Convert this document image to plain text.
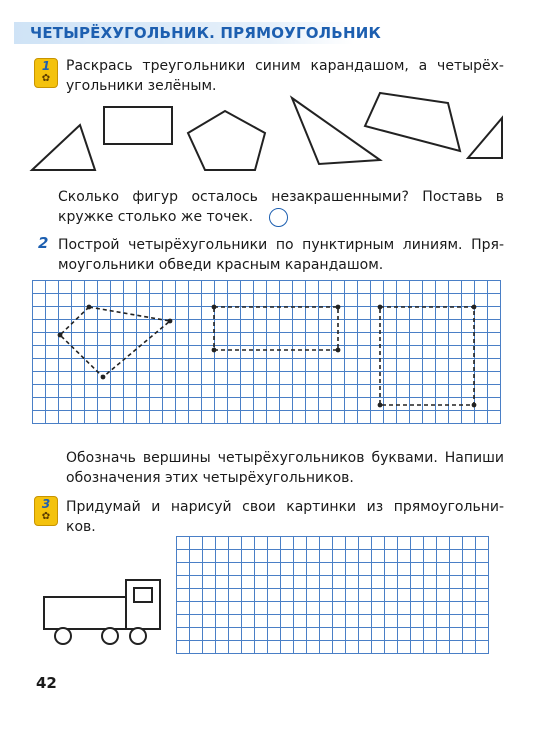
ЧЕТЫРЁХУГОЛЬНИК. ПРЯМОУГОЛЬНИК
1
✿
Раскрась треугольники синим карандашом, а четырёх-
угольники зелёным.
Сколько фигур осталось незакрашенными? Поставь в
кружке столько же точек.
2 Построй четырёхугольники по пунктирным линиям. Пря-
моугольники обведи красным карандашом.
Обозначь вершины четырёхугольников буквами. Напиши
обозначения этих четырёхугольников.
3
✿
Придумай и нарисуй свои картинки из прямоугольни-
ков.
42
